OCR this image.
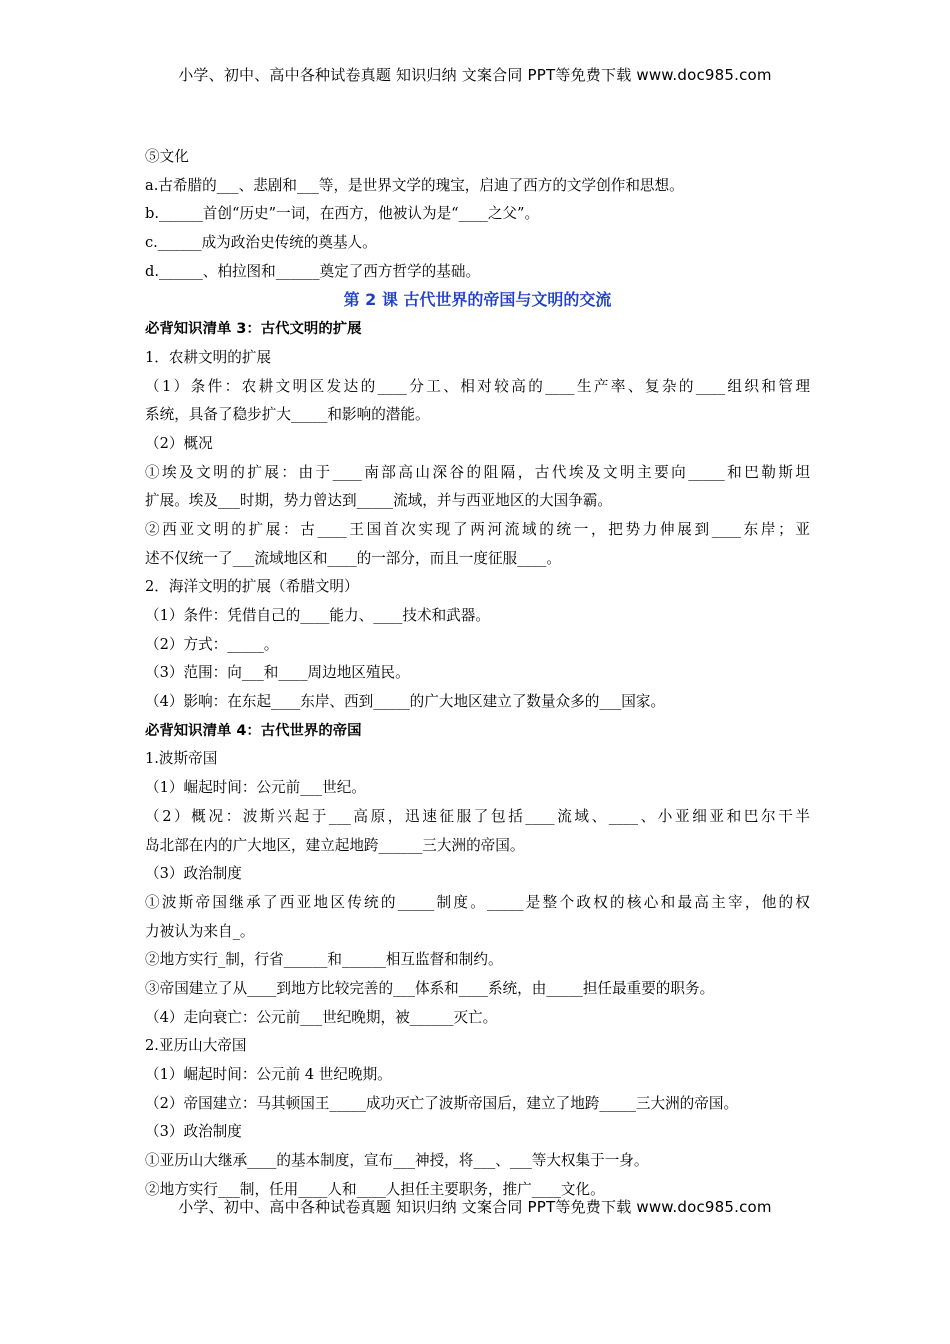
小学、初中、高中各种试卷真题 知识归纳 文案合同 PPT等免费下载 www.doc985.com
⑤文化
a.古希腊的___、悲剧和___等，是世界文学的瑰宝，启迪了西方的文学创作和思想。
b.______首创“历史”一词，在西方，他被认为是“____之父”。
c.______成为政治史传统的奠基人。
d.______、柏拉图和______奠定了西方哲学的基础。
第 2 课 古代世界的帝国与文明的交流
必背知识清单 3：古代文明的扩展
1．农耕文明的扩展
（1）条件：农耕文明区发达的____分工、相对较高的____生产率、复杂的____组织和管理
系统，具备了稳步扩大_____和影响的潜能。
（2）概况
①埃及文明的扩展：由于____南部高山深谷的阻隔，古代埃及文明主要向_____和巴勒斯坦
扩展。埃及___时期，势力曾达到_____流域，并与西亚地区的大国争霸。
②西亚文明的扩展：古____王国首次实现了两河流域的统一，把势力伸展到____东岸；亚
述不仅统一了___流域地区和____的一部分，而且一度征服____。
2．海洋文明的扩展（希腊文明）
（1）条件：凭借自己的____能力、____技术和武器。
（2）方式：_____。
（3）范围：向___和____周边地区殖民。
（4）影响：在东起____东岸、西到_____的广大地区建立了数量众多的___国家。
必背知识清单 4：古代世界的帝国
1.波斯帝国
（1）崛起时间：公元前___世纪。
（2）概况：波斯兴起于___高原，迅速征服了包括____流域、____、小亚细亚和巴尔干半
岛北部在内的广大地区，建立起地跨______三大洲的帝国。
（3）政治制度
①波斯帝国继承了西亚地区传统的_____制度。_____是整个政权的核心和最高主宰，他的权
力被认为来自_。
②地方实行_制，行省______和______相互监督和制约。
③帝国建立了从____到地方比较完善的___体系和____系统，由_____担任最重要的职务。
（4）走向衰亡：公元前___世纪晚期，被______灭亡。
2.亚历山大帝国
（1）崛起时间：公元前 4 世纪晚期。
（2）帝国建立：马其顿国王_____成功灭亡了波斯帝国后，建立了地跨_____三大洲的帝国。
（3）政治制度
①亚历山大继承____的基本制度，宣布___神授，将___、___等大权集于一身。
②地方实行___制，任用____人和____人担任主要职务，推广____文化。
小学、初中、高中各种试卷真题 知识归纳 文案合同 PPT等免费下载 www.doc985.com
